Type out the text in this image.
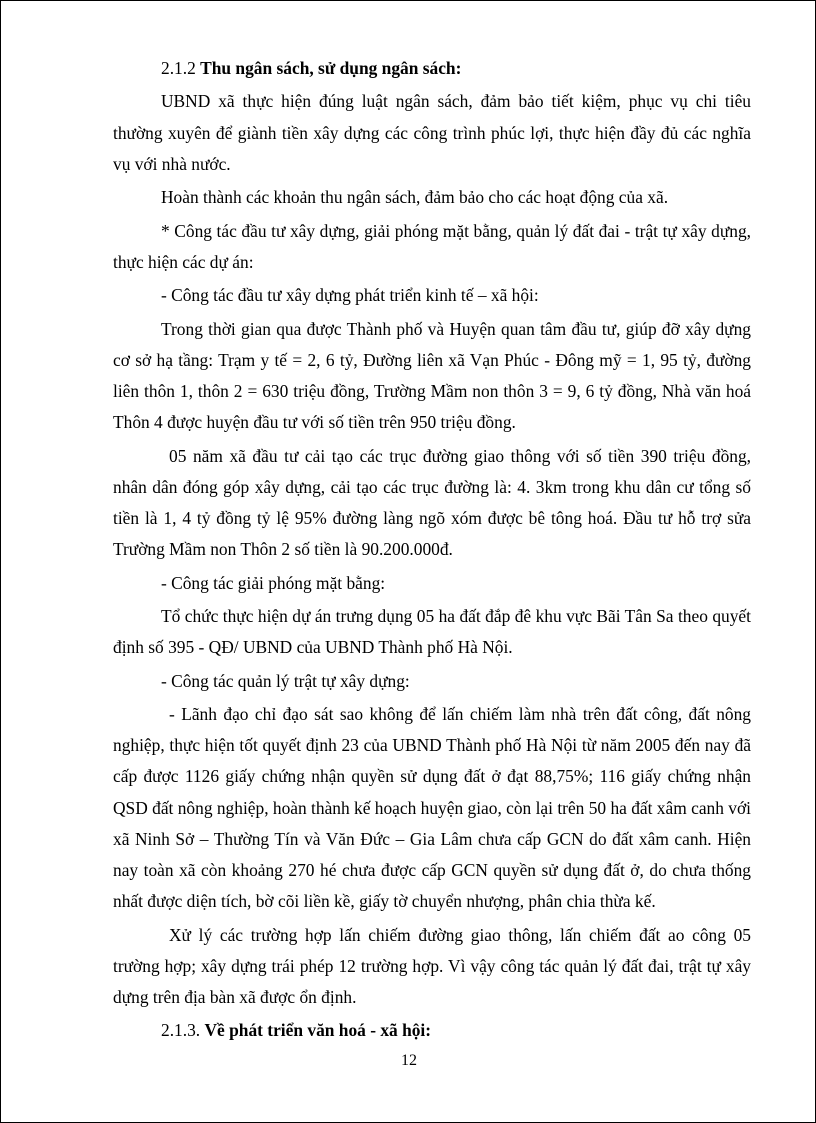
2.1.2 Thu ngân sách, sử dụng ngân sách:

UBND xã thực hiện đúng luật ngân sách, đảm bảo tiết kiệm, phục vụ chi tiêu thường xuyên để giành tiền xây dựng các công trình phúc lợi, thực hiện đầy đủ các nghĩa vụ với nhà nước.

Hoàn thành các khoản thu ngân sách, đảm bảo cho các hoạt động của xã.

* Công tác đầu tư xây dựng, giải phóng mặt bằng, quản lý đất đai - trật tự xây dựng, thực hiện các dự án:

- Công tác đầu tư xây dựng phát triển kinh tế – xã hội:

Trong thời gian qua được Thành phố và Huyện quan tâm đầu tư, giúp đỡ xây dựng cơ sở hạ tầng: Trạm y tế = 2, 6 tỷ, Đường liên xã Vạn Phúc - Đông mỹ = 1, 95 tỷ, đường liên thôn 1, thôn 2 = 630 triệu đồng, Trường Mầm non thôn 3 = 9, 6 tỷ đồng, Nhà văn hoá Thôn 4 được huyện đầu tư với số tiền trên 950 triệu đồng.

05 năm xã đầu tư cải tạo các trục đường giao thông với số tiền 390 triệu đồng, nhân dân đóng góp xây dựng, cải tạo các trục đường là: 4. 3km trong khu dân cư tổng số tiền là 1, 4 tỷ đồng tỷ lệ 95% đường làng ngõ xóm được bê tông hoá. Đầu tư hỗ trợ sửa Trường Mầm non Thôn 2 số tiền là 90.200.000đ.

- Công tác giải phóng mặt bằng:

Tổ chức thực hiện dự án trưng dụng 05 ha đất đắp đê khu vực Bãi Tân Sa theo quyết định số 395 - QĐ/ UBND của UBND Thành phố Hà Nội.

- Công tác quản lý trật tự xây dựng:

- Lãnh đạo chỉ đạo sát sao không để lấn chiếm làm nhà trên đất công, đất nông nghiệp, thực hiện tốt quyết định 23 của UBND Thành phố Hà Nội từ năm 2005 đến nay đã cấp được 1126 giấy chứng nhận quyền sử dụng đất ở đạt 88,75%; 116 giấy chứng nhận QSD đất nông nghiệp, hoàn thành kế hoạch huyện giao, còn lại trên 50 ha đất xâm canh với xã Ninh Sở – Thường Tín và Văn Đức – Gia Lâm chưa cấp GCN do đất xâm canh. Hiện nay toàn xã còn khoảng 270 hé chưa được cấp GCN quyền sử dụng đất ở, do chưa thống nhất được diện tích, bờ cõi liền kề, giấy tờ chuyển nhượng, phân chia thừa kế.

Xử lý các trường hợp lấn chiếm đường giao thông, lấn chiếm đất ao công 05 trường hợp; xây dựng trái phép 12 trường hợp. Vì vậy công tác quản lý đất đai, trật tự xây dựng trên địa bàn xã được ổn định.

2.1.3. Về phát triển văn hoá - xã hội:

12
